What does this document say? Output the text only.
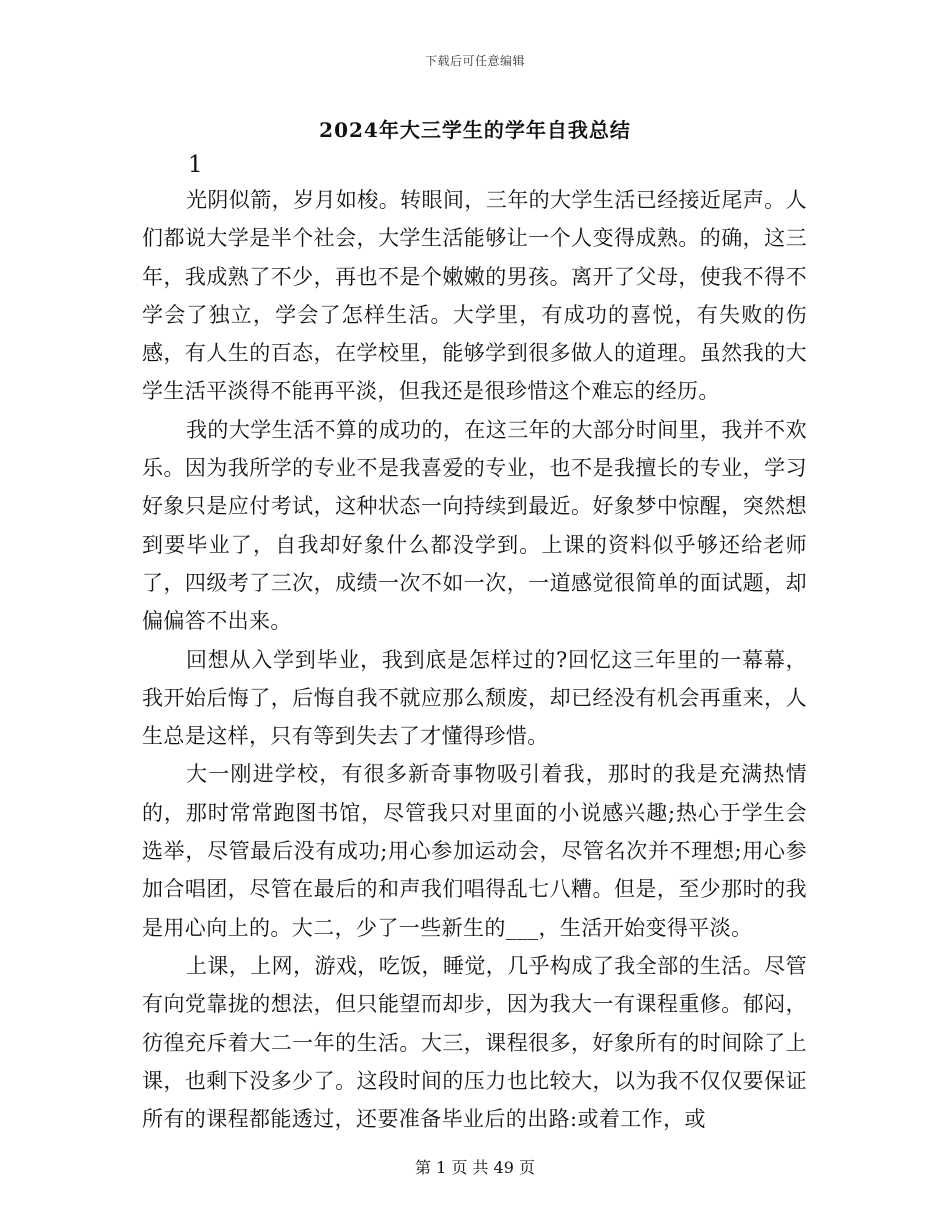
下载后可任意编辑
2024年大三学生的学年自我总结
1

光阴似箭，岁月如梭。转眼间，三年的大学生活已经接近尾声。人们都说大学是半个社会，大学生活能够让一个人变得成熟。的确，这三年，我成熟了不少，再也不是个嫩嫩的男孩。离开了父母，使我不得不学会了独立，学会了怎样生活。大学里，有成功的喜悦，有失败的伤感，有人生的百态，在学校里，能够学到很多做人的道理。虽然我的大学生活平淡得不能再平淡，但我还是很珍惜这个难忘的经历。

我的大学生活不算的成功的，在这三年的大部分时间里，我并不欢乐。因为我所学的专业不是我喜爱的专业，也不是我擅长的专业，学习好象只是应付考试，这种状态一向持续到最近。好象梦中惊醒，突然想到要毕业了，自我却好象什么都没学到。上课的资料似乎够还给老师了，四级考了三次，成绩一次不如一次，一道感觉很简单的面试题，却偏偏答不出来。

回想从入学到毕业，我到底是怎样过的?回忆这三年里的一幕幕，我开始后悔了，后悔自我不就应那么颓废，却已经没有机会再重来，人生总是这样，只有等到失去了才懂得珍惜。

大一刚进学校，有很多新奇事物吸引着我，那时的我是充满热情的，那时常常跑图书馆，尽管我只对里面的小说感兴趣;热心于学生会选举，尽管最后没有成功;用心参加运动会，尽管名次并不理想;用心参加合唱团，尽管在最后的和声我们唱得乱七八糟。但是，至少那时的我是用心向上的。大二，少了一些新生的___，生活开始变得平淡。

上课，上网，游戏，吃饭，睡觉，几乎构成了我全部的生活。尽管有向党靠拢的想法，但只能望而却步，因为我大一有课程重修。郁闷，彷徨充斥着大二一年的生活。大三，课程很多，好象所有的时间除了上课，也剩下没多少了。这段时间的压力也比较大，以为我不仅仅要保证所有的课程都能透过，还要准备毕业后的出路:或着工作，或

第 1 页 共 49 页
